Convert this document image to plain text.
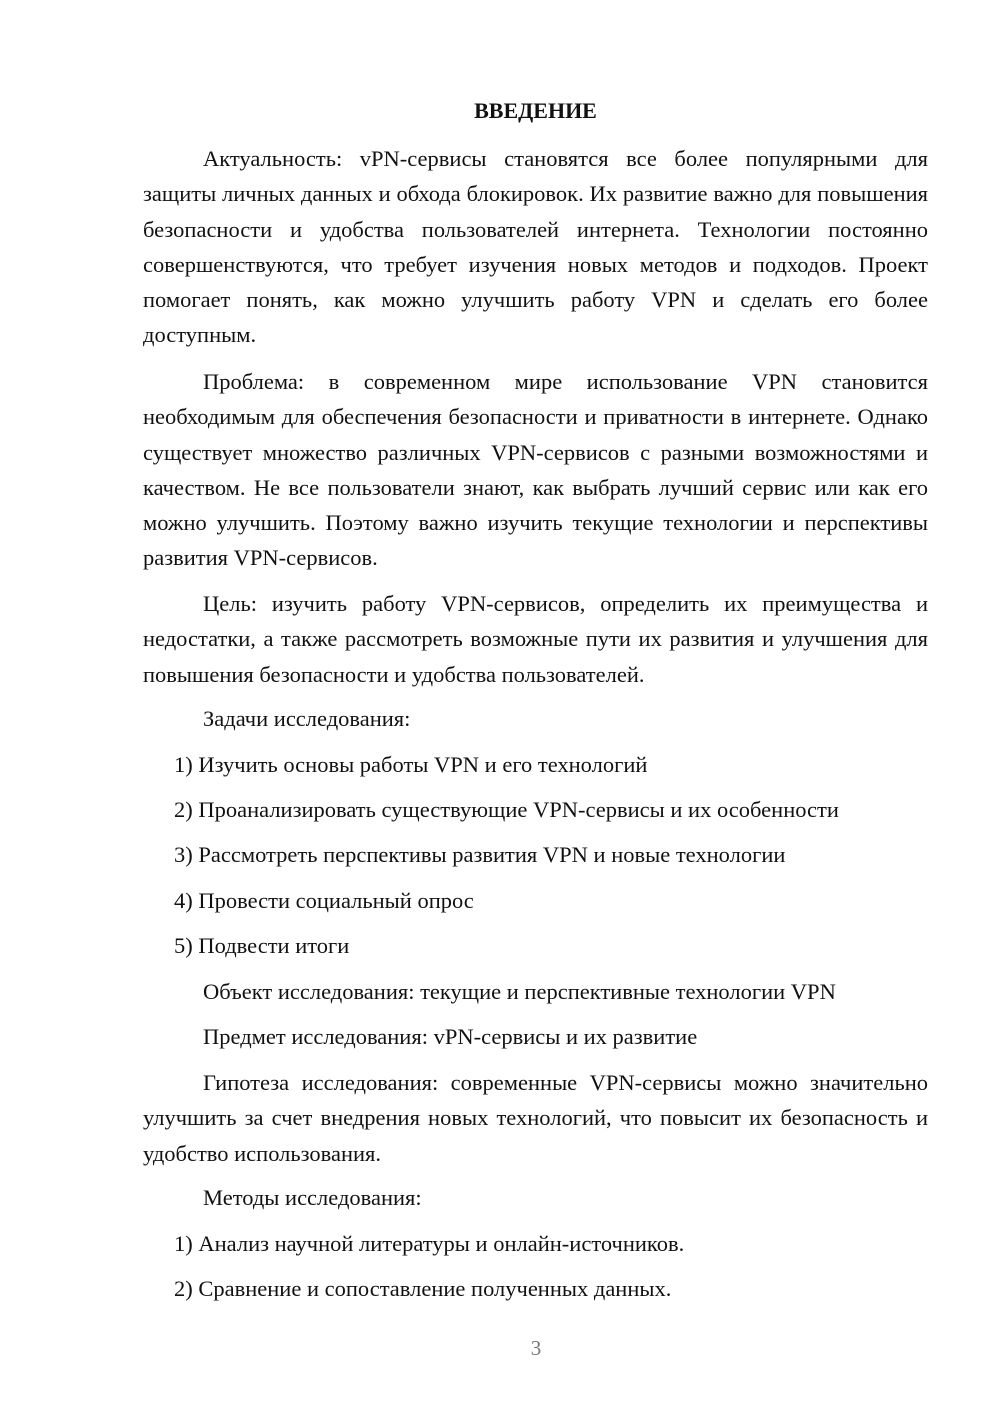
ВВЕДЕНИЕ

Актуальность: vPN-сервисы становятся все более популярными для защиты личных данных и обхода блокировок. Их развитие важно для повышения безопасности и удобства пользователей интернета. Технологии постоянно совершенствуются, что требует изучения новых методов и подходов. Проект помогает понять, как можно улучшить работу VPN и сделать его более доступным.

Проблема: в современном мире использование VPN становится необходимым для обеспечения безопасности и приватности в интернете. Однако существует множество различных VPN-сервисов с разными возможностями и качеством. Не все пользователи знают, как выбрать лучший сервис или как его можно улучшить. Поэтому важно изучить текущие технологии и перспективы развития VPN-сервисов.

Цель: изучить работу VPN-сервисов, определить их преимущества и недостатки, а также рассмотреть возможные пути их развития и улучшения для повышения безопасности и удобства пользователей.

Задачи исследования:

1) Изучить основы работы VPN и его технологий

2) Проанализировать существующие VPN-сервисы и их особенности

3) Рассмотреть перспективы развития VPN и новые технологии

4) Провести социальный опрос

5) Подвести итоги

Объект исследования: текущие и перспективные технологии VPN

Предмет исследования: vPN-сервисы и их развитие

Гипотеза исследования: современные VPN-сервисы можно значительно улучшить за счет внедрения новых технологий, что повысит их безопасность и удобство использования.

Методы исследования:

1) Анализ научной литературы и онлайн-источников.

2) Сравнение и сопоставление полученных данных.

3
